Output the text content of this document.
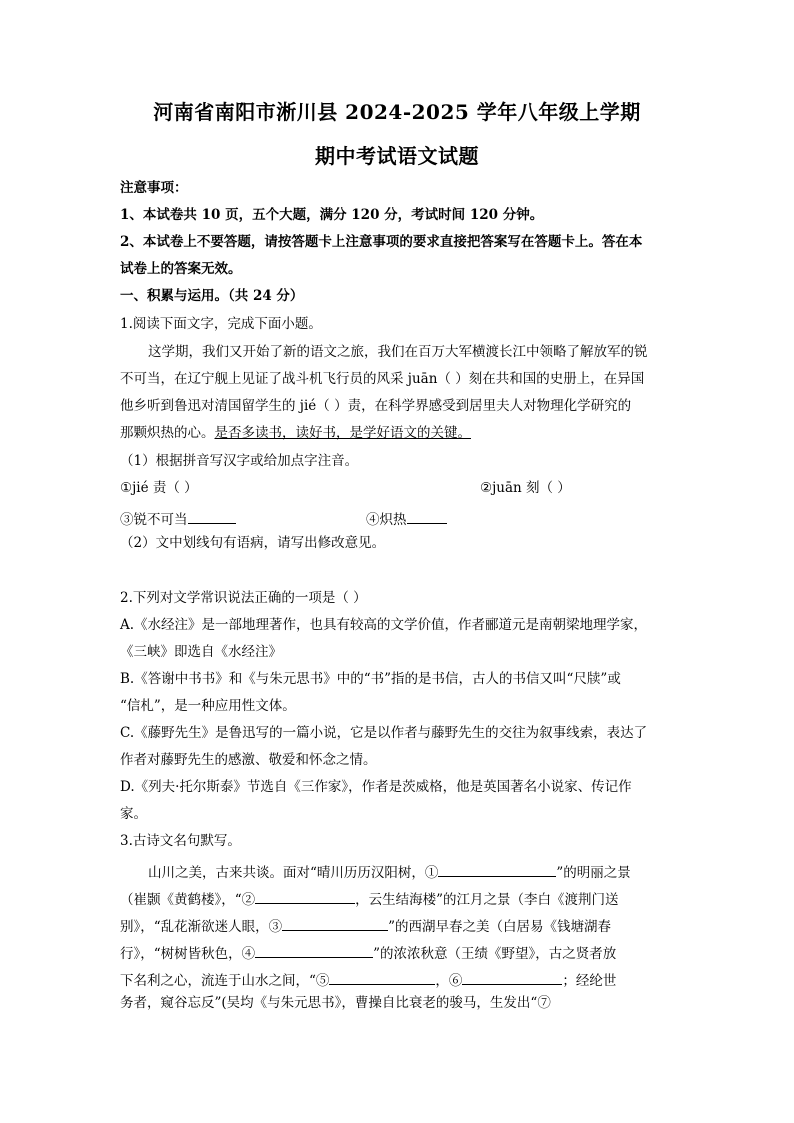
河南省南阳市淅川县 2024-2025 学年八年级上学期
期中考试语文试题
注意事项：
1、本试卷共 10 页，五个大题，满分 120 分，考试时间 120 分钟。
2、本试卷上不要答题，请按答题卡上注意事项的要求直接把答案写在答题卡上。答在本
试卷上的答案无效。
一、积累与运用。（共 24 分）
1.阅读下面文字，完成下面小题。
这学期，我们又开始了新的语文之旅，我们在百万大军横渡长江中领略了解放军的锐
不可当，在辽宁舰上见证了战斗机飞行员的风采 juān（ ）刻在共和国的史册上，在异国
他乡听到鲁迅对清国留学生的 jié（ ）责，在科学界感受到居里夫人对物理化学研究的
那颗炽热的心。是否多读书，读好书，是学好语文的关键。
（1）根据拼音写汉字或给加点字注音。
①jié 责（ ）	②juān 刻（ ）
③锐不可当	④炽热
（2）文中划线句有语病，请写出修改意见。
2.下列对文学常识说法正确的一项是（ ）
A.《水经注》是一部地理著作，也具有较高的文学价值，作者郦道元是南朝梁地理学家，
《三峡》即选自《水经注》
B.《答谢中书书》和《与朱元思书》中的“书”指的是书信，古人的书信又叫“尺牍”或
“信札”，是一种应用性文体。
C.《藤野先生》是鲁迅写的一篇小说，它是以作者与藤野先生的交往为叙事线索，表达了
作者对藤野先生的感激、敬爱和怀念之情。
D.《列夫·托尔斯泰》节选自《三作家》，作者是茨威格，他是英国著名小说家、传记作
家。
3.古诗文名句默写。
山川之美，古来共谈。面对“晴川历历汉阳树，①	”的明丽之景
（崔颢《黄鹤楼》，“②	，云生结海楼”的江月之景（李白《渡荆门送
别》，“乱花渐欲迷人眼，③	”的西湖早春之美（白居易《钱塘湖春
行》，“树树皆秋色，④	”的浓浓秋意（王绩《野望》，古之贤者放
下名利之心，流连于山水之间，“⑤	，⑥	；经纶世
务者，窥谷忘反”(吴均《与朱元思书》，曹操自比衰老的骏马，生发出“⑦
